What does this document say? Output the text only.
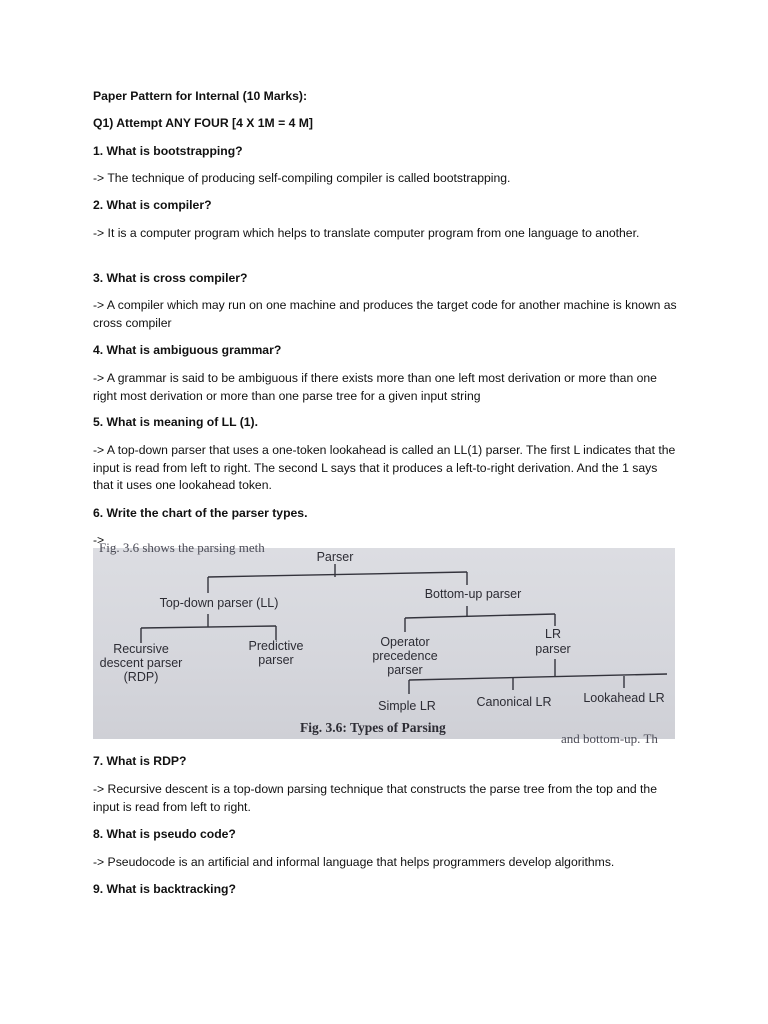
Paper Pattern for Internal (10 Marks):
Q1) Attempt ANY FOUR [4 X 1M = 4 M]
1. What is bootstrapping?
-> The technique of producing self-compiling compiler is called bootstrapping.
2. What is compiler?
-> It is a computer program which helps to translate computer program from one language to another.
3. What is cross compiler?
-> A compiler which may run on one machine and produces the target code for another machine is known as cross compiler
4. What is ambiguous grammar?
-> A grammar is said to be ambiguous if there exists more than one left most derivation or more than one right most derivation or more than one parse tree for a given input string
5. What is meaning of LL (1).
-> A top-down parser that uses a one-token lookahead is called an LL(1) parser. The first L indicates that the input is read from left to right. The second L says that it produces a left-to-right derivation. And the 1 says that it uses one lookahead token.
6. Write the chart of the parser types.
->
7. What is RDP?
-> Recursive descent is a top-down parsing technique that constructs the parse tree from the top and the input is read from left to right.
8. What is pseudo code?
-> Pseudocode is an artificial and informal language that helps programmers develop algorithms.
9. What is backtracking?
Fig. 3.6 shows the parsing meth
Parser
Top-down parser (LL)
Bottom-up parser
Recursive
descent parser
(RDP)
Predictive
parser
Operator
precedence
parser
LR
parser
Simple LR	Canonical LR	Lookahead LR
Fig. 3.6: Types of Parsing
and bottom-up. Th
